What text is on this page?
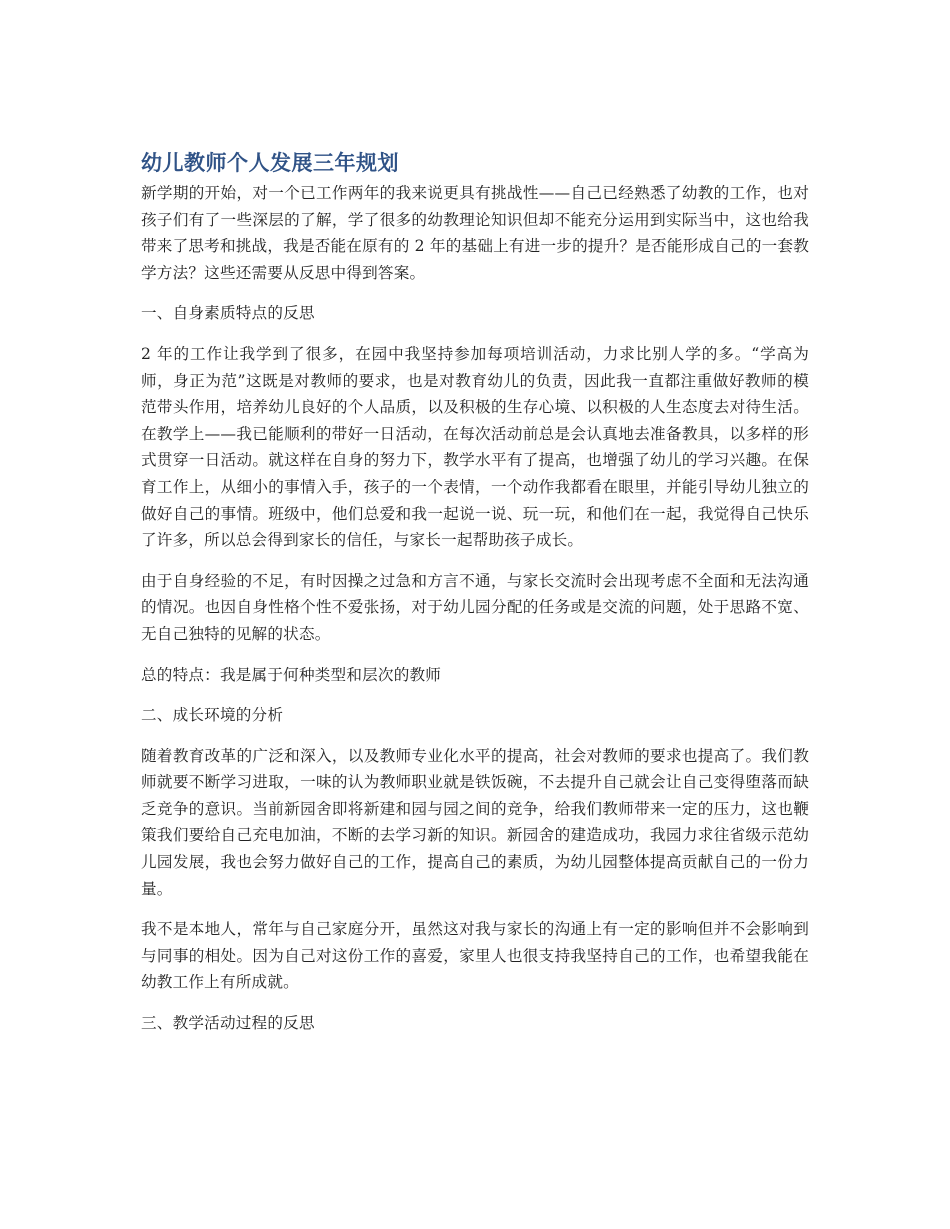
幼儿教师个人发展三年规划

新学期的开始，对一个已工作两年的我来说更具有挑战性——自己已经熟悉了幼教的工作，也对孩子们有了一些深层的了解，学了很多的幼教理论知识但却不能充分运用到实际当中，这也给我带来了思考和挑战，我是否能在原有的 2 年的基础上有进一步的提升？是否能形成自己的一套教学方法？这些还需要从反思中得到答案。

一、自身素质特点的反思

2 年的工作让我学到了很多，在园中我坚持参加每项培训活动，力求比别人学的多。“学高为师，身正为范”这既是对教师的要求，也是对教育幼儿的负责，因此我一直都注重做好教师的模范带头作用，培养幼儿良好的个人品质，以及积极的生存心境、以积极的人生态度去对待生活。在教学上——我已能顺利的带好一日活动，在每次活动前总是会认真地去准备教具，以多样的形式贯穿一日活动。就这样在自身的努力下，教学水平有了提高，也增强了幼儿的学习兴趣。在保育工作上，从细小的事情入手，孩子的一个表情，一个动作我都看在眼里，并能引导幼儿独立的做好自己的事情。班级中，他们总爱和我一起说一说、玩一玩，和他们在一起，我觉得自己快乐了许多，所以总会得到家长的信任，与家长一起帮助孩子成长。

由于自身经验的不足，有时因操之过急和方言不通，与家长交流时会出现考虑不全面和无法沟通的情况。也因自身性格个性不爱张扬，对于幼儿园分配的任务或是交流的问题，处于思路不宽、无自己独特的见解的状态。

总的特点：我是属于何种类型和层次的教师

二、成长环境的分析

随着教育改革的广泛和深入，以及教师专业化水平的提高，社会对教师的要求也提高了。我们教师就要不断学习进取，一味的认为教师职业就是铁饭碗，不去提升自己就会让自己变得堕落而缺乏竞争的意识。当前新园舍即将新建和园与园之间的竞争，给我们教师带来一定的压力，这也鞭策我们要给自己充电加油，不断的去学习新的知识。新园舍的建造成功，我园力求往省级示范幼儿园发展，我也会努力做好自己的工作，提高自己的素质，为幼儿园整体提高贡献自己的一份力量。

我不是本地人，常年与自己家庭分开，虽然这对我与家长的沟通上有一定的影响但并不会影响到与同事的相处。因为自己对这份工作的喜爱，家里人也很支持我坚持自己的工作，也希望我能在幼教工作上有所成就。

三、教学活动过程的反思
